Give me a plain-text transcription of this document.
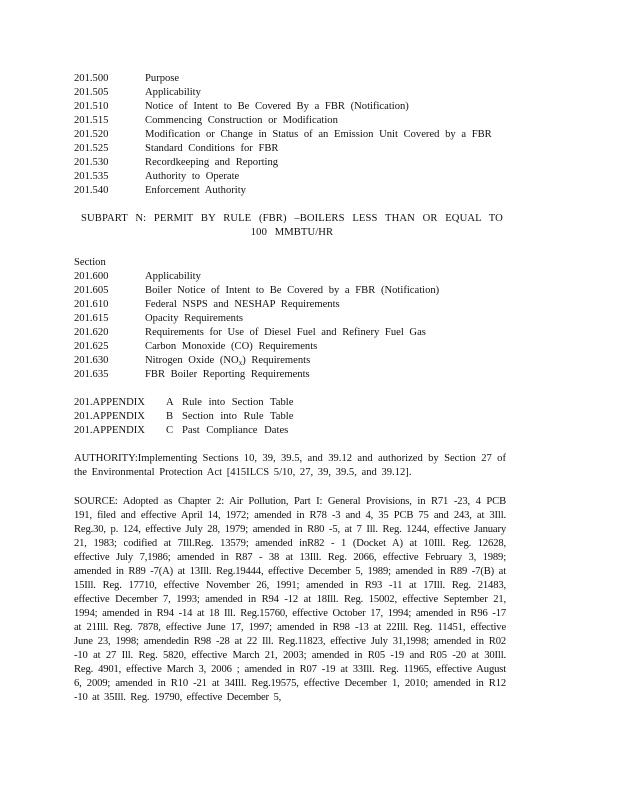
201.500	Purpose
201.505	Applicability
201.510	Notice of Intent to Be Covered By a FBR (Notification)
201.515	Commencing Construction or Modification
201.520	Modification or Change in Status of an Emission Unit Covered by a FBR
201.525	Standard Conditions for FBR
201.530	Recordkeeping and Reporting
201.535	Authority to Operate
201.540	Enforcement Authority
SUBPART N: PERMIT BY RULE (FBR) –BOILERS LESS THAN OR EQUAL TO
100 MMBTU/HR
Section
201.600	Applicability
201.605	Boiler Notice of Intent to Be Covered by a FBR (Notification)
201.610	Federal NSPS and NESHAP Requirements
201.615	Opacity Requirements
201.620	Requirements for Use of Diesel Fuel and Refinery Fuel Gas
201.625	Carbon Monoxide (CO) Requirements
201.630	Nitrogen Oxide $(NO_x)$ Requirements
201.635	FBR Boiler Reporting Requirements
201.APPENDIX	A Rule into Section Table
201.APPENDIX	B Section into Rule Table
201.APPENDIX	C Past Compliance Dates

AUTHORITY:Implementing Sections 10, 39, 39.5, and 39.12 and authorized by Section 27 of the Environmental Protection Act [415ILCS 5/10, 27, 39, 39.5, and 39.12].

SOURCE: Adopted as Chapter 2: Air Pollution, Part I: General Provisions, in R71 -23, 4 PCB 191, filed and effective April 14, 1972; amended in R78 -3 and 4, 35 PCB 75 and 243, at 3Ill. Reg.30, p. 124, effective July 28, 1979; amended in R80 -5, at 7 Ill. Reg. 1244, effective January 21, 1983; codified at 7Ill.Reg. 13579; amended inR82 - 1 (Docket A) at 10Ill. Reg. 12628, effective July 7,1986; amended in R87 - 38 at 13Ill. Reg. 2066, effective February 3, 1989; amended in R89 -7(A) at 13Ill. Reg.19444, effective December 5, 1989; amended in R89 -7(B) at 15Ill. Reg. 17710, effective November 26, 1991; amended in R93 -11 at 17Ill. Reg. 21483, effective December 7, 1993; amended in R94 -12 at 18Ill. Reg. 15002, effective September 21, 1994; amended in R94 -14 at 18 Ill. Reg.15760, effective October 17, 1994; amended in R96 -17 at 21Ill. Reg. 7878, effective June 17, 1997; amended in R98 -13 at 22Ill. Reg. 11451, effective June 23, 1998; amendedin R98 -28 at 22 Ill. Reg.11823, effective July 31,1998; amended in R02 -10 at 27 Ill. Reg. 5820, effective March 21, 2003; amended in R05 -19 and R05 -20 at 30Ill. Reg. 4901, effective March 3, 2006 ; amended in R07 -19 at 33Ill. Reg. 11965, effective August 6, 2009; amended in R10 -21 at 34Ill. Reg.19575, effective December 1, 2010; amended in R12 -10 at 35Ill. Reg. 19790, effective December 5,
